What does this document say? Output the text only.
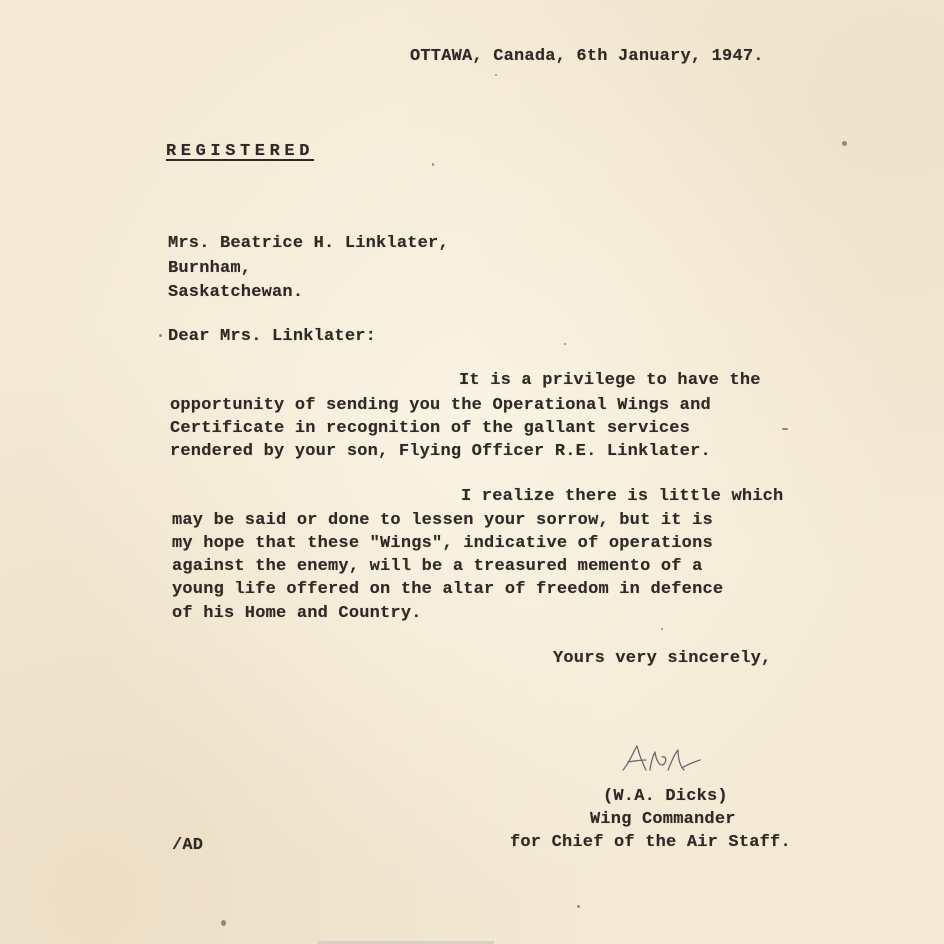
OTTAWA, Canada, 6th January, 1947.
REGISTERED
Mrs. Beatrice H. Linklater,
Burnham,
Saskatchewan.
Dear Mrs. Linklater:
It is a privilege to have the
opportunity of sending you the Operational Wings and
Certificate in recognition of the gallant services
rendered by your son, Flying Officer R.E. Linklater.
I realize there is little which
may be said or done to lessen your sorrow, but it is
my hope that these "Wings", indicative of operations
against the enemy, will be a treasured memento of a
young life offered on the altar of freedom in defence
of his Home and Country.
Yours very sincerely,
(W.A. Dicks)
Wing Commander
for Chief of the Air Staff.
/AD
